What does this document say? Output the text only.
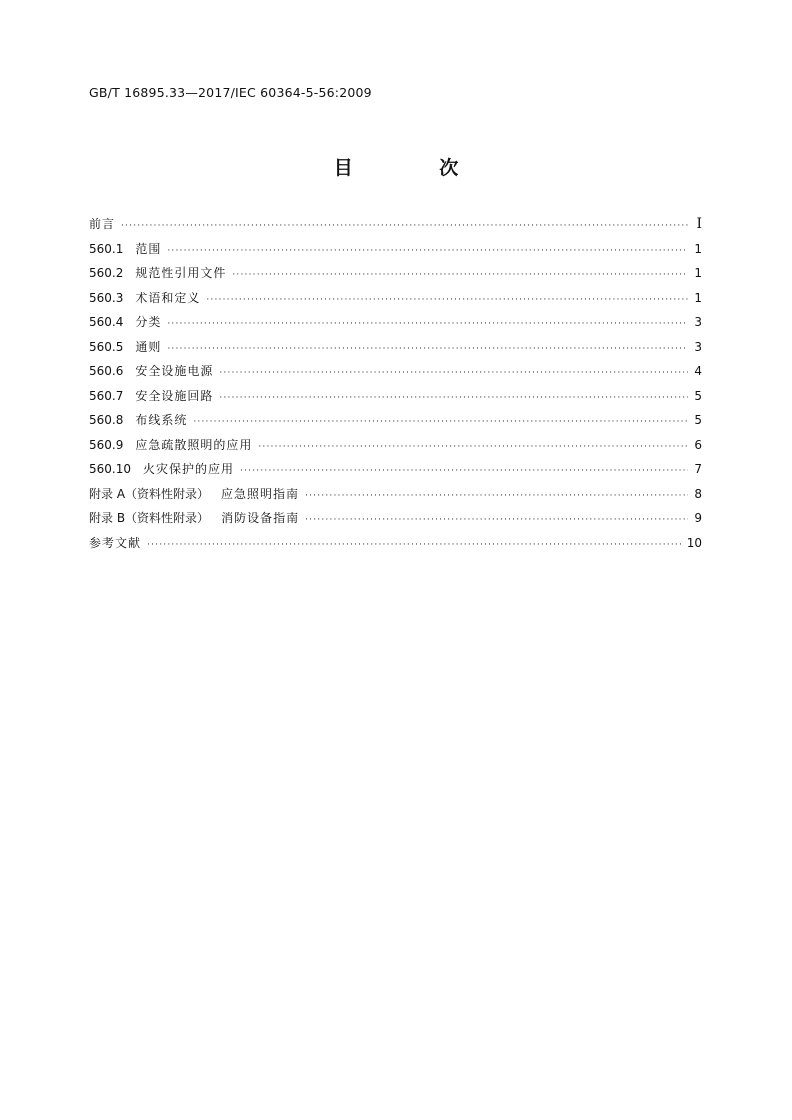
GB/T 16895.33—2017/IEC 60364-5-56:2009
目 次
前言 ·····	Ⅰ
560.1 范围 ·····	1
560.2 规范性引用文件 ·····	1
560.3 术语和定义 ·····	1
560.4 分类 ·····	3
560.5 通则 ·····	3
560.6 安全设施电源 ·····	4
560.7 安全设施回路 ·····	5
560.8 布线系统 ·····	5
560.9 应急疏散照明的应用 ·····	6
560.10 火灾保护的应用 ·····	7
附录 A（资料性附录） 应急照明指南 ·····	8
附录 B（资料性附录） 消防设备指南 ·····	9
参考文献 ·····	10
